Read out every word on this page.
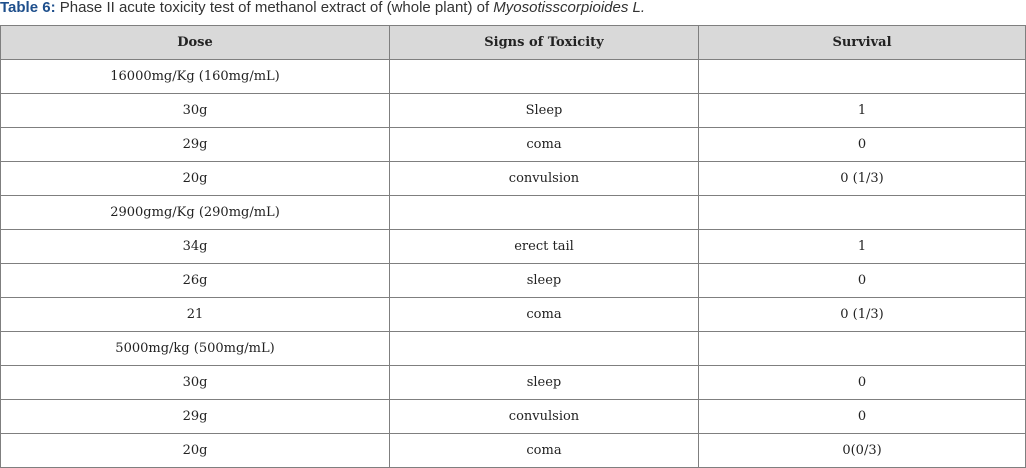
Table 6: Phase II acute toxicity test of methanol extract of (whole plant) of Myosotisscorpioides L.
Dose	Signs of Toxicity	Survival
16000mg/Kg (160mg/mL)		
30g	Sleep	1
29g	coma	0
20g	convulsion	0 (1/3)
2900gmg/Kg (290mg/mL)		
34g	erect tail	1
26g	sleep	0
21	coma	0 (1/3)
5000mg/kg (500mg/mL)		
30g	sleep	0
29g	convulsion	0
20g	coma	0(0/3)
